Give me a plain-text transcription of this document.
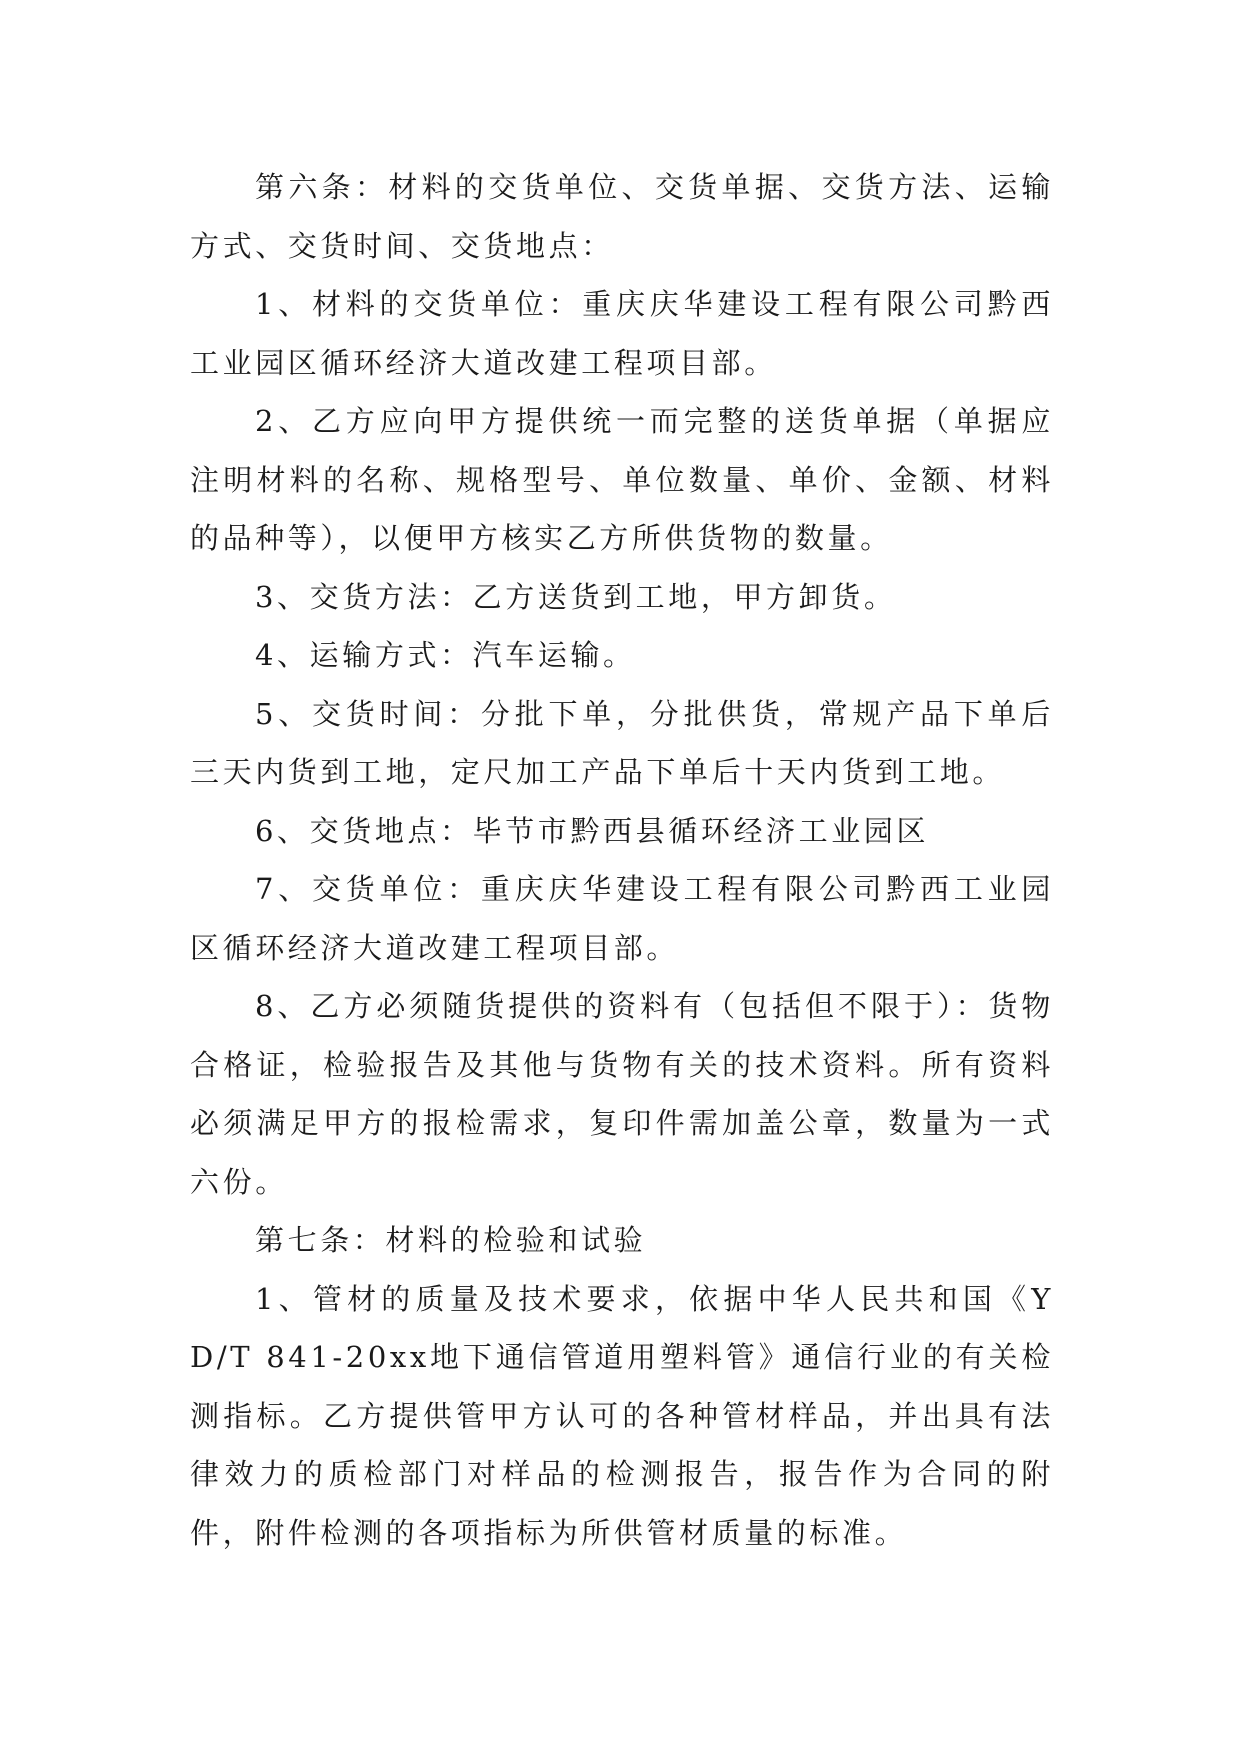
第六条：材料的交货单位、交货单据、交货方法、运输方式、交货时间、交货地点：

1、材料的交货单位：重庆庆华建设工程有限公司黔西工业园区循环经济大道改建工程项目部。

2、乙方应向甲方提供统一而完整的送货单据（单据应注明材料的名称、规格型号、单位数量、单价、金额、材料的品种等），以便甲方核实乙方所供货物的数量。

3、交货方法：乙方送货到工地，甲方卸货。

4、运输方式：汽车运输。

5、交货时间：分批下单，分批供货，常规产品下单后三天内货到工地，定尺加工产品下单后十天内货到工地。

6、交货地点：毕节市黔西县循环经济工业园区

7、交货单位：重庆庆华建设工程有限公司黔西工业园区循环经济大道改建工程项目部。

8、乙方必须随货提供的资料有（包括但不限于）：货物合格证，检验报告及其他与货物有关的技术资料。所有资料必须满足甲方的报检需求，复印件需加盖公章，数量为一式六份。

第七条：材料的检验和试验

1、管材的质量及技术要求，依据中华人民共和国《YD/T 841-20xx地下通信管道用塑料管》通信行业的有关检测指标。乙方提供管甲方认可的各种管材样品，并出具有法律效力的质检部门对样品的检测报告，报告作为合同的附件，附件检测的各项指标为所供管材质量的标准。
